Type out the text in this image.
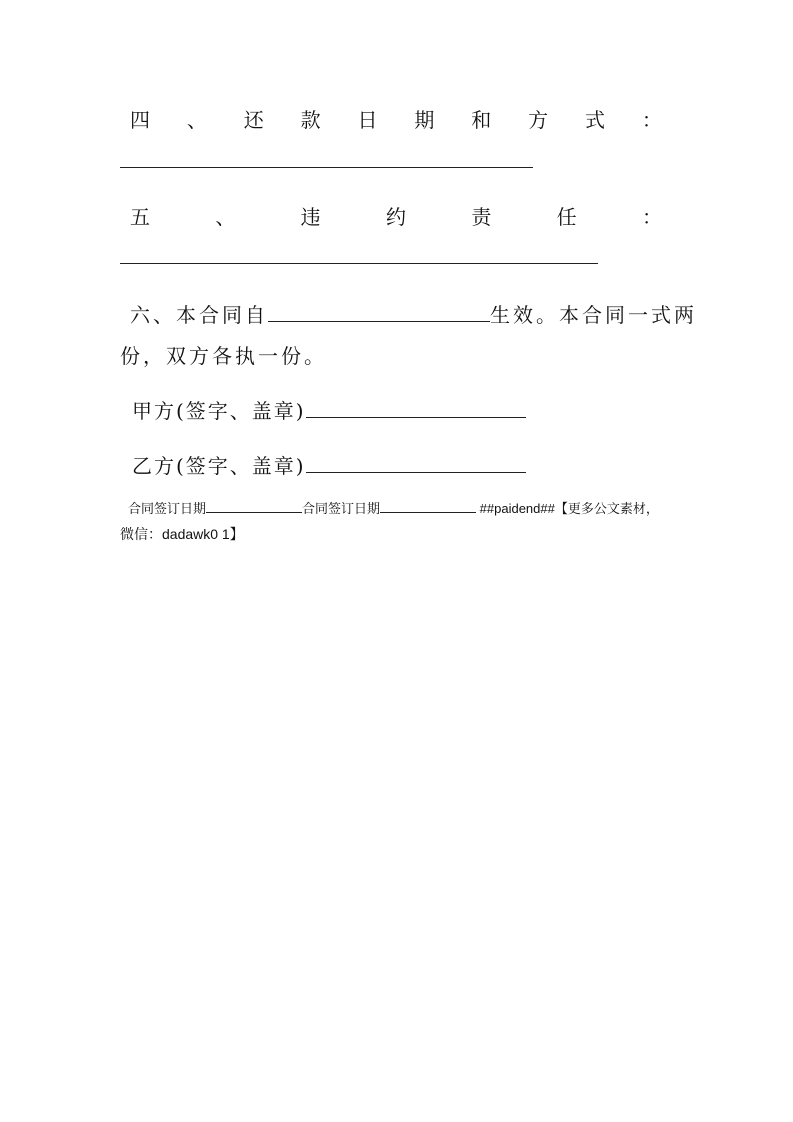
四 、 还 款 日 期 和 方 式 ：
五	、	违	约	责	任	：
六、本合同自	生效。本合同一式两
份，双方各执一份。
甲方(签字、盖章)
乙方(签字、盖章)
合同签订日期	合同签订日期	##paidend##【更多公文素材，
微信：dadawk0 1】
